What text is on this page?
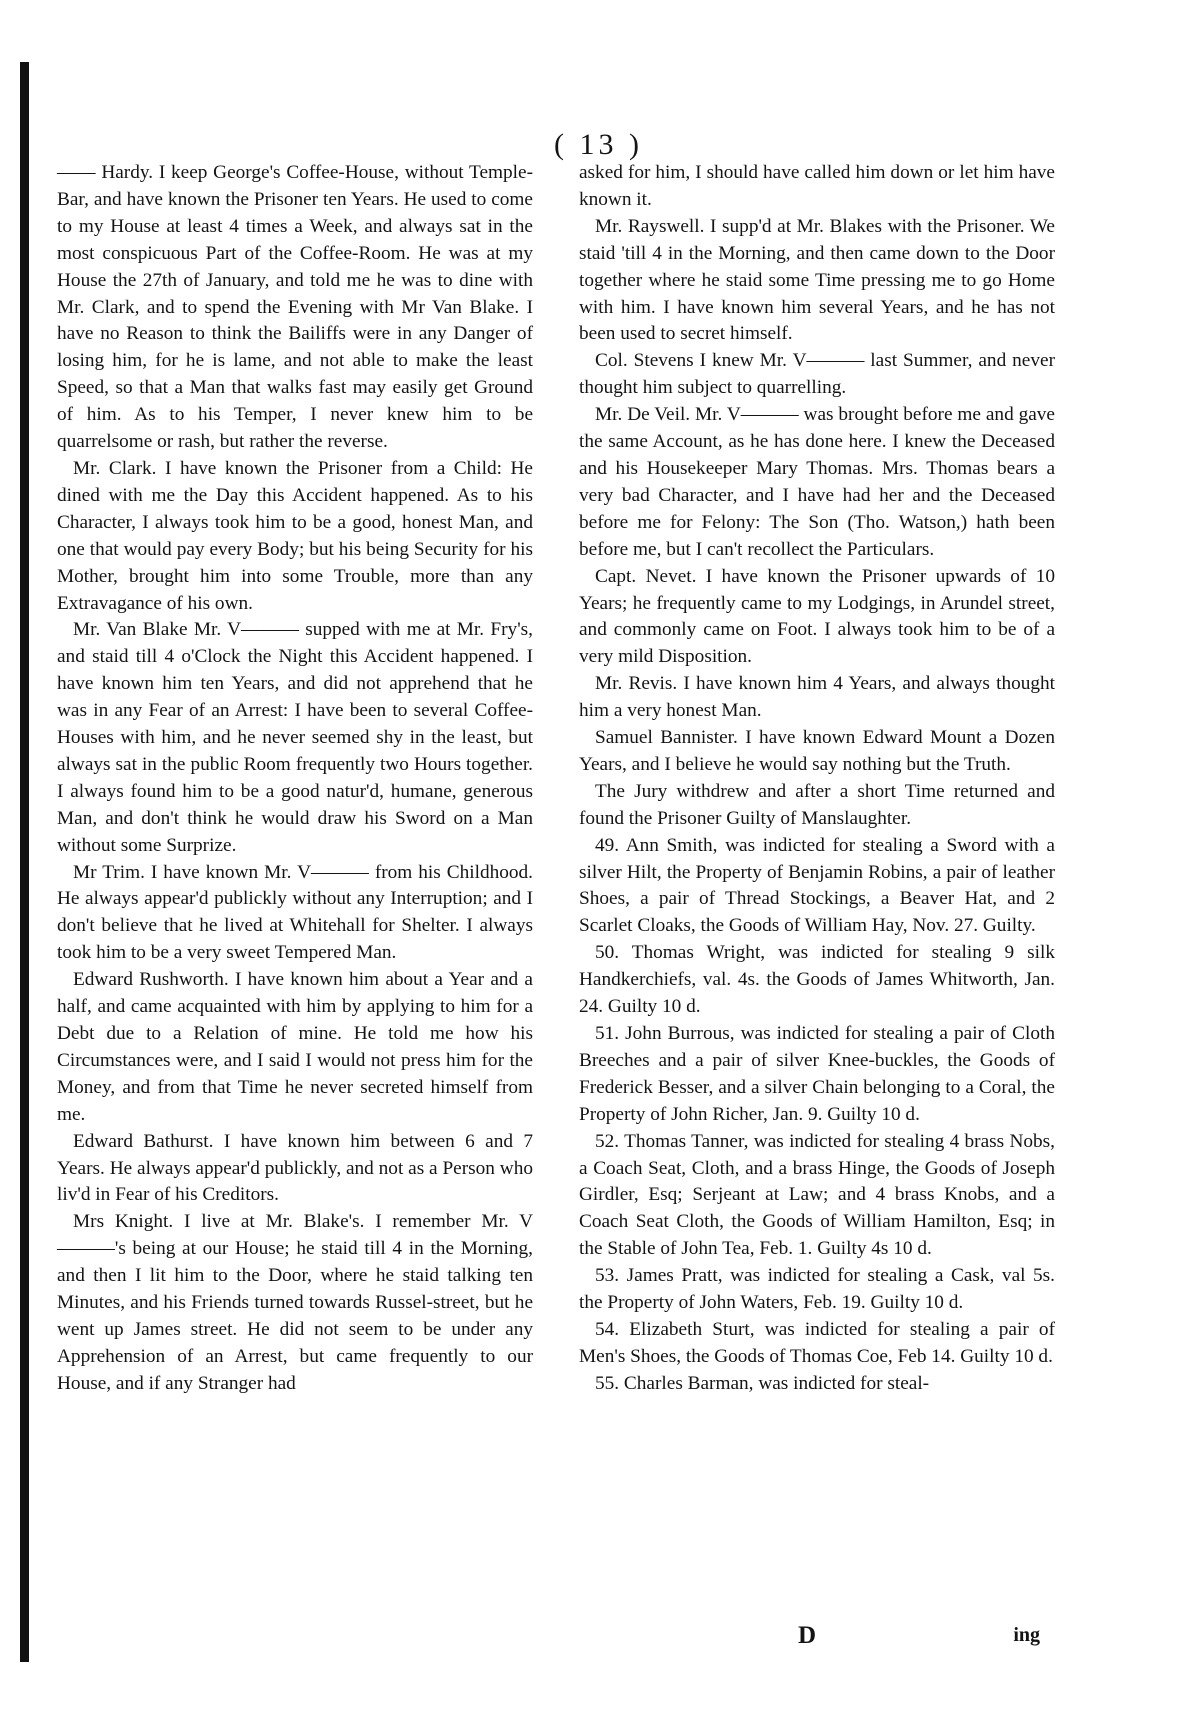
( 13 )

—— Hardy. I keep George's Coffee-House, without Temple-Bar, and have known the Prisoner ten Years. He used to come to my House at least 4 times a Week, and always sat in the most conspicuous Part of the Coffee-Room. He was at my House the 27th of January, and told me he was to dine with Mr. Clark, and to spend the Evening with Mr Van Blake. I have no Reason to think the Bailiffs were in any Danger of losing him, for he is lame, and not able to make the least Speed, so that a Man that walks fast may easily get Ground of him. As to his Temper, I never knew him to be quarrelsome or rash, but rather the reverse.

Mr. Clark. I have known the Prisoner from a Child: He dined with me the Day this Accident happened. As to his Character, I always took him to be a good, honest Man, and one that would pay every Body; but his being Security for his Mother, brought him into some Trouble, more than any Extravagance of his own.

Mr. Van Blake Mr. V——— supped with me at Mr. Fry's, and staid till 4 o'Clock the Night this Accident happened. I have known him ten Years, and did not apprehend that he was in any Fear of an Arrest: I have been to several Coffee-Houses with him, and he never seemed shy in the least, but always sat in the public Room frequently two Hours together. I always found him to be a good natur'd, humane, generous Man, and don't think he would draw his Sword on a Man without some Surprize.

Mr Trim. I have known Mr. V——— from his Childhood. He always appear'd publickly without any Interruption; and I don't believe that he lived at Whitehall for Shelter. I always took him to be a very sweet Tempered Man.

Edward Rushworth. I have known him about a Year and a half, and came acquainted with him by applying to him for a Debt due to a Relation of mine. He told me how his Circumstances were, and I said I would not press him for the Money, and from that Time he never secreted himself from me.

Edward Bathurst. I have known him between 6 and 7 Years. He always appear'd publickly, and not as a Person who liv'd in Fear of his Creditors.

Mrs Knight. I live at Mr. Blake's. I remember Mr. V———'s being at our House; he staid till 4 in the Morning, and then I lit him to the Door, where he staid talking ten Minutes, and his Friends turned towards Russel-street, but he went up James street. He did not seem to be under any Apprehension of an Arrest, but came frequently to our House, and if any Stranger had

asked for him, I should have called him down or let him have known it.

Mr. Rayswell. I supp'd at Mr. Blakes with the Prisoner. We staid 'till 4 in the Morning, and then came down to the Door together where he staid some Time pressing me to go Home with him. I have known him several Years, and he has not been used to secret himself.

Col. Stevens I knew Mr. V——— last Summer, and never thought him subject to quarrelling.

Mr. De Veil. Mr. V——— was brought before me and gave the same Account, as he has done here. I knew the Deceased and his Housekeeper Mary Thomas. Mrs. Thomas bears a very bad Character, and I have had her and the Deceased before me for Felony: The Son (Tho. Watson,) hath been before me, but I can't recollect the Particulars.

Capt. Nevet. I have known the Prisoner upwards of 10 Years; he frequently came to my Lodgings, in Arundel street, and commonly came on Foot. I always took him to be of a very mild Disposition.

Mr. Revis. I have known him 4 Years, and always thought him a very honest Man.

Samuel Bannister. I have known Edward Mount a Dozen Years, and I believe he would say nothing but the Truth.

The Jury withdrew and after a short Time returned and found the Prisoner Guilty of Manslaughter.

49. Ann Smith, was indicted for stealing a Sword with a silver Hilt, the Property of Benjamin Robins, a pair of leather Shoes, a pair of Thread Stockings, a Beaver Hat, and 2 Scarlet Cloaks, the Goods of William Hay, Nov. 27. Guilty.

50. Thomas Wright, was indicted for stealing 9 silk Handkerchiefs, val. 4s. the Goods of James Whitworth, Jan. 24. Guilty 10 d.

51. John Burrous, was indicted for stealing a pair of Cloth Breeches and a pair of silver Knee-buckles, the Goods of Frederick Besser, and a silver Chain belonging to a Coral, the Property of John Richer, Jan. 9. Guilty 10 d.

52. Thomas Tanner, was indicted for stealing 4 brass Nobs, a Coach Seat, Cloth, and a brass Hinge, the Goods of Joseph Girdler, Esq; Serjeant at Law; and 4 brass Knobs, and a Coach Seat Cloth, the Goods of William Hamilton, Esq; in the Stable of John Tea, Feb. 1. Guilty 4s 10 d.

53. James Pratt, was indicted for stealing a Cask, val 5s. the Property of John Waters, Feb. 19. Guilty 10 d.

54. Elizabeth Sturt, was indicted for stealing a pair of Men's Shoes, the Goods of Thomas Coe, Feb 14. Guilty 10 d.

55. Charles Barman, was indicted for steal-

D	ing
